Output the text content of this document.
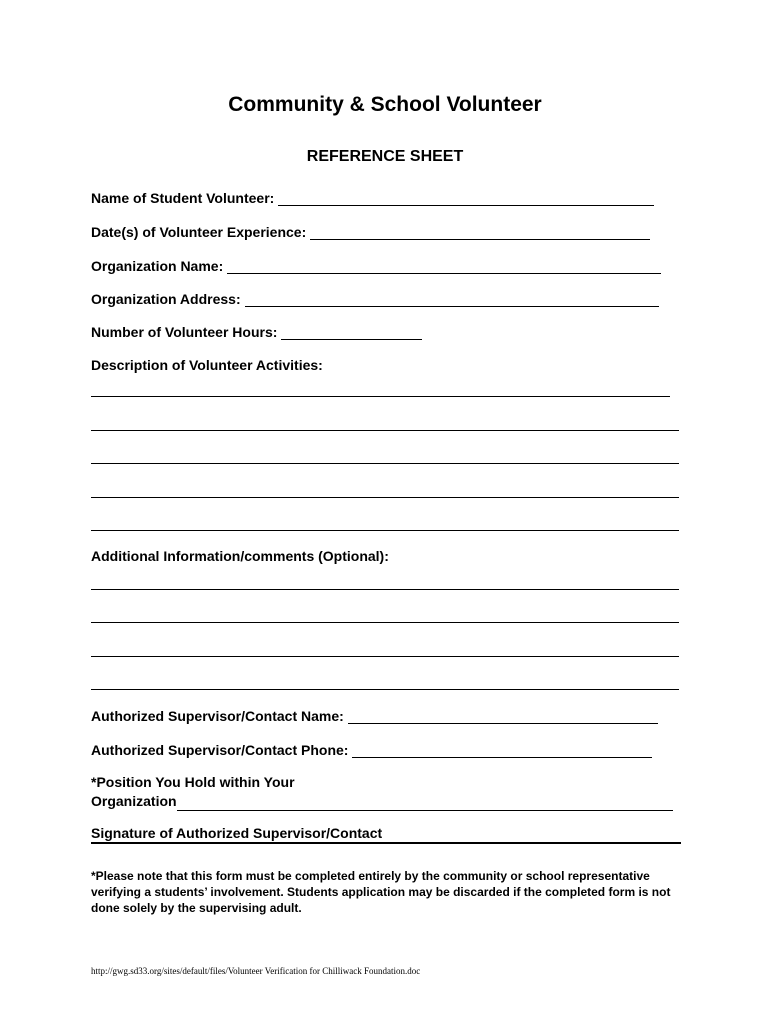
Community & School Volunteer
REFERENCE SHEET
Name of Student Volunteer:
Date(s) of Volunteer Experience:
Organization Name:
Organization Address:
Number of Volunteer Hours:
Description of Volunteer Activities:
Additional Information/comments (Optional):
Authorized Supervisor/Contact Name:
Authorized Supervisor/Contact Phone:
*Position You Hold within Your
Organization
Signature of Authorized Supervisor/Contact
*Please note that this form must be completed entirely by the community or school representative verifying a students’ involvement. Students application may be discarded if the completed form is not done solely by the supervising adult.
http://gwg.sd33.org/sites/default/files/Volunteer Verification for Chilliwack Foundation.doc
